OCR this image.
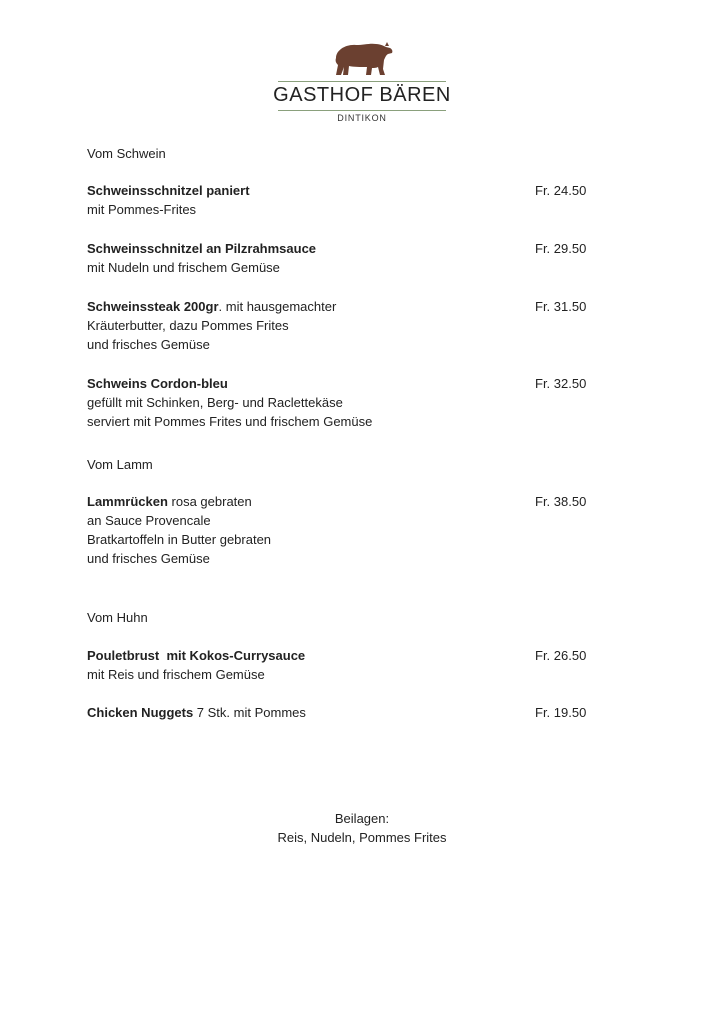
GASTHOF BÄREN
DINTIKON
Vom Schwein
Schweinsschnitzel paniert	Fr. 24.50
mit Pommes-Frites
Schweinsschnitzel an Pilzrahmsauce	Fr. 29.50
mit Nudeln und frischem Gemüse
Schweinssteak 200gr. mit hausgemachter	Fr. 31.50
Kräuterbutter, dazu Pommes Frites
und frisches Gemüse
Schweins Cordon-bleu	Fr. 32.50
gefüllt mit Schinken, Berg- und Raclettekäse
serviert mit Pommes Frites und frischem Gemüse
Vom Lamm
Lammrücken rosa gebraten	Fr. 38.50
an Sauce Provencale
Bratkartoffeln in Butter gebraten
und frisches Gemüse
Vom Huhn
Pouletbrust  mit Kokos-Currysauce	Fr. 26.50
mit Reis und frischem Gemüse
Chicken Nuggets 7 Stk. mit Pommes	Fr. 19.50
Beilagen:
Reis, Nudeln, Pommes Frites
